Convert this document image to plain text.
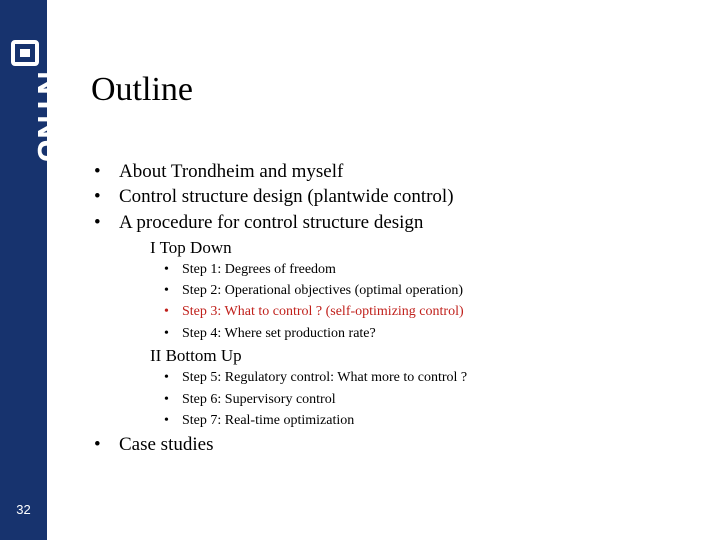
NTNU
32
Outline
• About Trondheim and myself
• Control structure design (plantwide control)
• A procedure for control structure design
I Top Down
• Step 1: Degrees of freedom
• Step 2: Operational objectives (optimal operation)
• Step 3: What to control ? (self-optimizing control)
• Step 4: Where set production rate?
II Bottom Up
• Step 5: Regulatory control: What more to control ?
• Step 6: Supervisory control
• Step 7: Real-time optimization
• Case studies
